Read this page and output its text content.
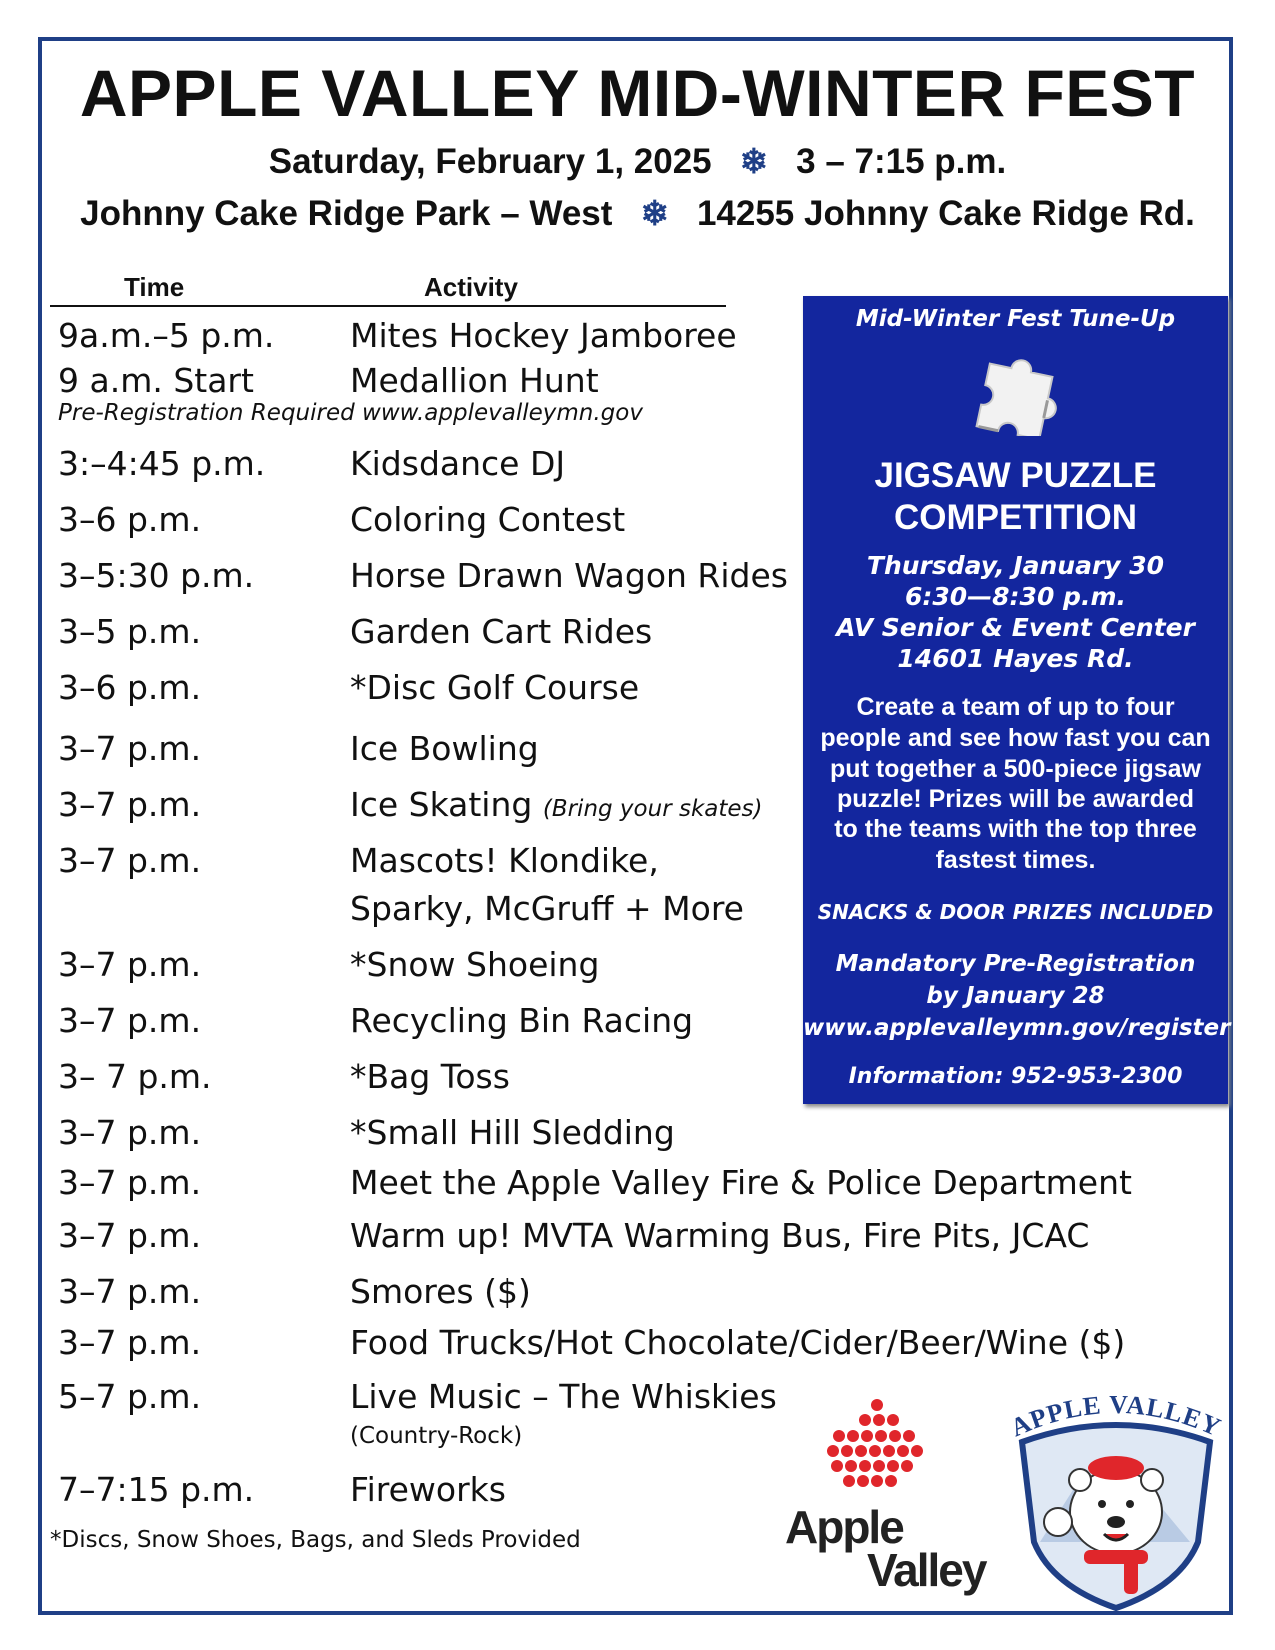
APPLE VALLEY MID-WINTER FEST
Saturday, February 1, 2025 ❄ 3 – 7:15 p.m.
Johnny Cake Ridge Park – West ❄ 14255 Johnny Cake Ridge Rd.
Time	Activity
9a.m.–5 p.m. Mites Hockey Jamboree
9 a.m. Start	Medallion Hunt
Pre-Registration Required www.applevalleymn.gov
3:–4:45 p.m.	Kidsdance DJ
3–6 p.m.	Coloring Contest
3–5:30 p.m.	Horse Drawn Wagon Rides
3–5 p.m.	Garden Cart Rides
3–6 p.m.	*Disc Golf Course
3–7 p.m.	Ice Bowling
3–7 p.m.	Ice Skating (Bring your skates)
3–7 p.m.	Mascots! Klondike,
Sparky, McGruff + More
3–7 p.m.	*Snow Shoeing
3–7 p.m.	Recycling Bin Racing
3– 7 p.m.	*Bag Toss
3–7 p.m.	*Small Hill Sledding
3–7 p.m.	Meet the Apple Valley Fire & Police Department
3–7 p.m.	Warm up! MVTA Warming Bus, Fire Pits, JCAC
3–7 p.m.	Smores ($)
3–7 p.m.	Food Trucks/Hot Chocolate/Cider/Beer/Wine ($)
5–7 p.m.	Live Music – The Whiskies
(Country-Rock)
7–7:15 p.m.	Fireworks
*Discs, Snow Shoes, Bags, and Sleds Provided
Mid-Winter Fest Tune-Up
JIGSAW PUZZLE
COMPETITION
Thursday, January 30
6:30—8:30 p.m.
AV Senior & Event Center
14601 Hayes Rd.
Create a team of up to four
people and see how fast you can
put together a 500-piece jigsaw
puzzle! Prizes will be awarded
to the teams with the top three
fastest times.
SNACKS & DOOR PRIZES INCLUDED
Mandatory Pre-Registration
by January 28
www.applevalleymn.gov/register
Information: 952-953-2300
Apple
Valley
APPLE VALLEY
